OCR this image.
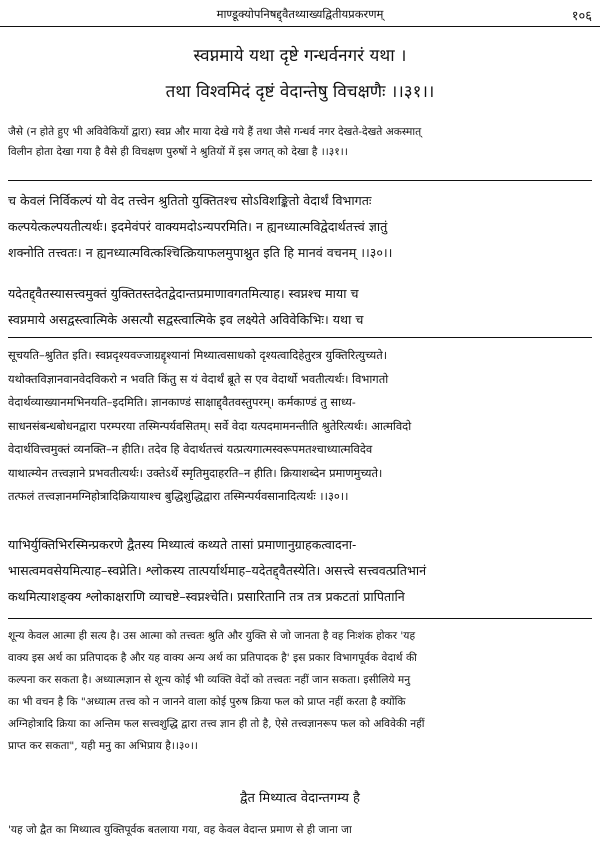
माण्डूक्योपनिषद्द्वैतथ्याख्यद्वितीयप्रकरणम्	१०६
स्वप्नमाये यथा दृष्टे गन्धर्वनगरं यथा ।
तथा विश्वमिदं दृष्टं वेदान्तेषु विचक्षणैः ।।३१।।
जैसे (न होते हुए भी अविवेकियों द्वारा) स्वप्न और माया देखे गये हैं तथा जैसे गन्धर्व नगर देखते-देखते अकस्मात्
विलीन होता देखा गया है वैसे ही विचक्षण पुरुषों ने श्रुतियों में इस जगत् को देखा है ।।३१।।
च केवलं निर्विकल्पं यो वेद तत्त्वेन श्रुतितो युक्तितश्च सोऽविशङ्कितो वेदार्थं विभागतः
कल्पयेत्कल्पयतीत्यर्थः। इदमेवंपरं वाक्यमदोऽन्यपरमिति। न ह्यनध्यात्मविद्वेदार्थतत्त्वं ज्ञातुं
शक्नोति तत्त्वतः। न ह्यनध्यात्मवित्कश्चित्क्रियाफलमुपाश्नुत इति हि मानवं वचनम् ।।३०।।
यदेतद्द्वैतस्यासत्त्वमुक्तं युक्तितस्तदेतद्वेदान्तप्रमाणावगतमित्याह। स्वप्नश्च माया च
स्वप्नमाये असद्वस्त्वात्मिके असत्यौ सद्वस्त्वात्मिके इव लक्ष्येते अविवेकिभिः। यथा च
सूचयति–श्रुतित इति। स्वप्नदृश्यवज्जाग्रद्दृश्यानां मिथ्यात्वसाधको दृश्यत्वादिहेतुरत्र युक्तिरित्युच्यते।
यथोक्तविज्ञानवानवेदविकरो न भवति किंतु स यं वेदार्थं ब्रूते स एव वेदार्थो भवतीत्यर्थः। विभागतो
वेदार्थव्याख्यानमभिनयति–इदमिति। ज्ञानकाण्डं साक्षाद्द्वैतवस्तुपरम्। कर्मकाण्डं तु साध्य-
साधनसंबन्धबोधनद्वारा परम्परया तस्मिन्पर्यवसितम्। सर्वे वेदा यत्पदमामनन्तीति श्रुतेरित्यर्थः। आत्मविदो
वेदार्थवित्त्वमुक्तं व्यनक्ति–न हीति। तदेव हि वेदार्थतत्त्वं यत्प्रत्यगात्मस्वरूपमतश्चाध्यात्मविदेव
याथात्म्येन तत्त्वज्ञाने प्रभवतीत्यर्थः। उक्तेऽर्थे स्मृतिमुदाहरति–न हीति। क्रियाशब्देन प्रमाणमुच्यते।
तत्फलं तत्त्वज्ञानमग्निहोत्रादिक्रियायाश्च बुद्धिशुद्धिद्वारा तस्मिन्पर्यवसानादित्यर्थः ।।३०।।
याभिर्युक्तिभिरस्मिन्प्रकरणे द्वैतस्य मिथ्यात्वं कथ्यते तासां प्रमाणानुग्राहकत्वादना-
भासत्वमवसेयमित्याह–स्वप्नेति। श्लोकस्य तात्पर्यार्थमाह–यदेतद्द्वैतस्येति। असत्त्वे सत्त्ववत्प्रतिभानं
कथमित्याशङ्क्य श्लोकाक्षराणि व्याचष्टे–स्वप्नश्चेति। प्रसारितानि तत्र तत्र प्रकटतां प्रापितानि
शून्य केवल आत्मा ही सत्य है। उस आत्मा को तत्त्वतः श्रुति और युक्ति से जो जानता है वह निःशंक होकर 'यह
वाक्य इस अर्थ का प्रतिपादक है और यह वाक्य अन्य अर्थ का प्रतिपादक है' इस प्रकार विभागपूर्वक वेदार्थ की
कल्पना कर सकता है। अध्यात्मज्ञान से शून्य कोई भी व्यक्ति वेदों को तत्त्वतः नहीं जान सकता। इसीलिये मनु
का भी वचन है कि "अध्यात्म तत्त्व को न जानने वाला कोई पुरुष क्रिया फल को प्राप्त नहीं करता है क्योंकि
अग्निहोत्रादि क्रिया का अन्तिम फल सत्त्वशुद्धि द्वारा तत्त्व ज्ञान ही तो है, ऐसे तत्त्वज्ञानरूप फल को अविवेकी नहीं
प्राप्त कर सकता", यही मनु का अभिप्राय है।।३०।।
द्वैत मिथ्यात्व वेदान्तगम्य है
'यह जो द्वैत का मिथ्यात्व युक्तिपूर्वक बतलाया गया, वह केवल वेदान्त प्रमाण से ही जाना जा
